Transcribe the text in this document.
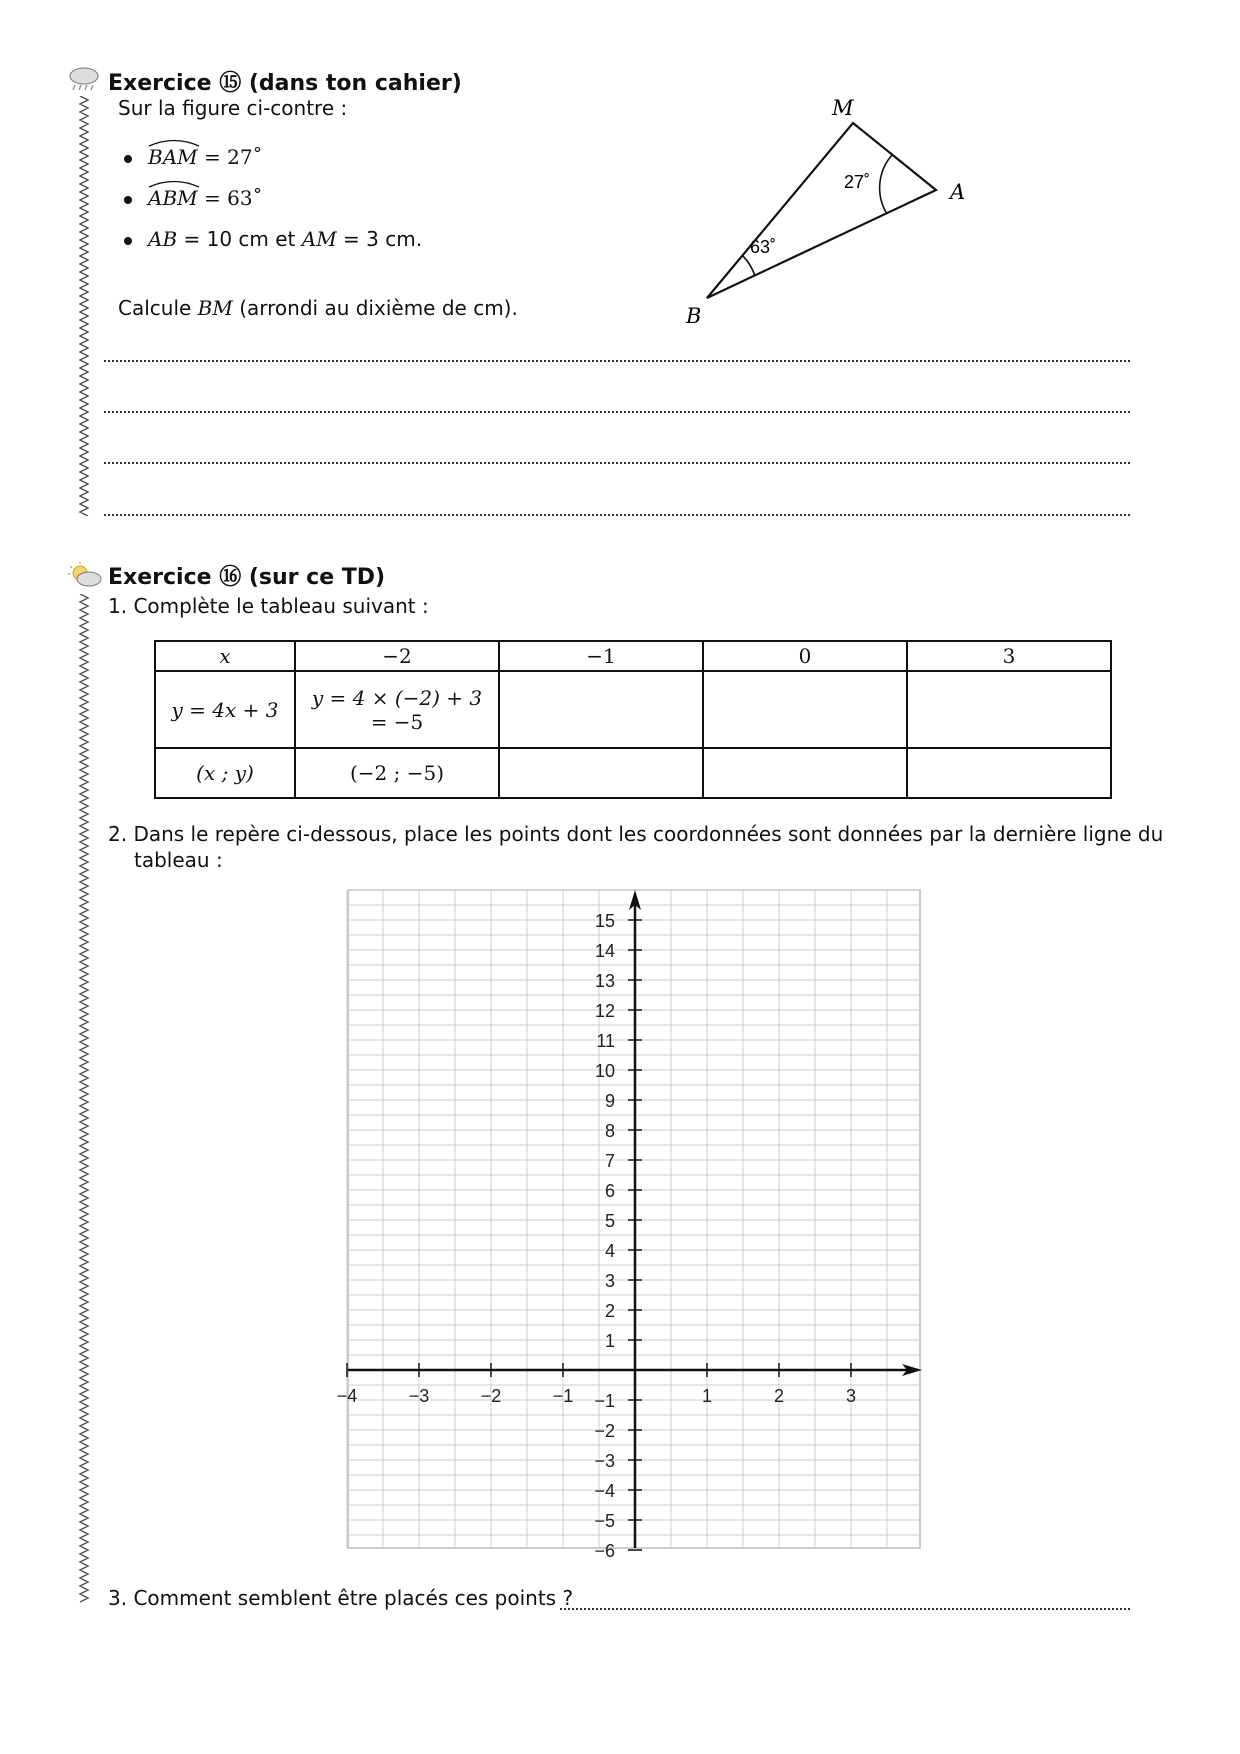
Exercice ⑮ (dans ton cahier)
Sur la figure ci-contre :
BAM = 27˚
ABM = 63˚
AB = 10 cm et AM = 3 cm.
Calcule BM (arrondi au dixième de cm).
M
A
B
27˚
63˚
Exercice ⑯ (sur ce TD)
1. Complète le tableau suivant :
x	−2	−1	0	3
y = 4x + 3	y = 4 × (−2) + 3
= −5			

(x ; y)	(−2 ; −5)			
2. Dans le repère ci-dessous, place les points dont les coordonnées sont données par la dernière ligne du
tableau :
−4	−3	−2	−1	1	2	3
−6
−5
−4
−3
−2
−1
1
2
3
4
5
6
7
8
9
10
11
12
13
14
15
3. Comment semblent être placés ces points ?
